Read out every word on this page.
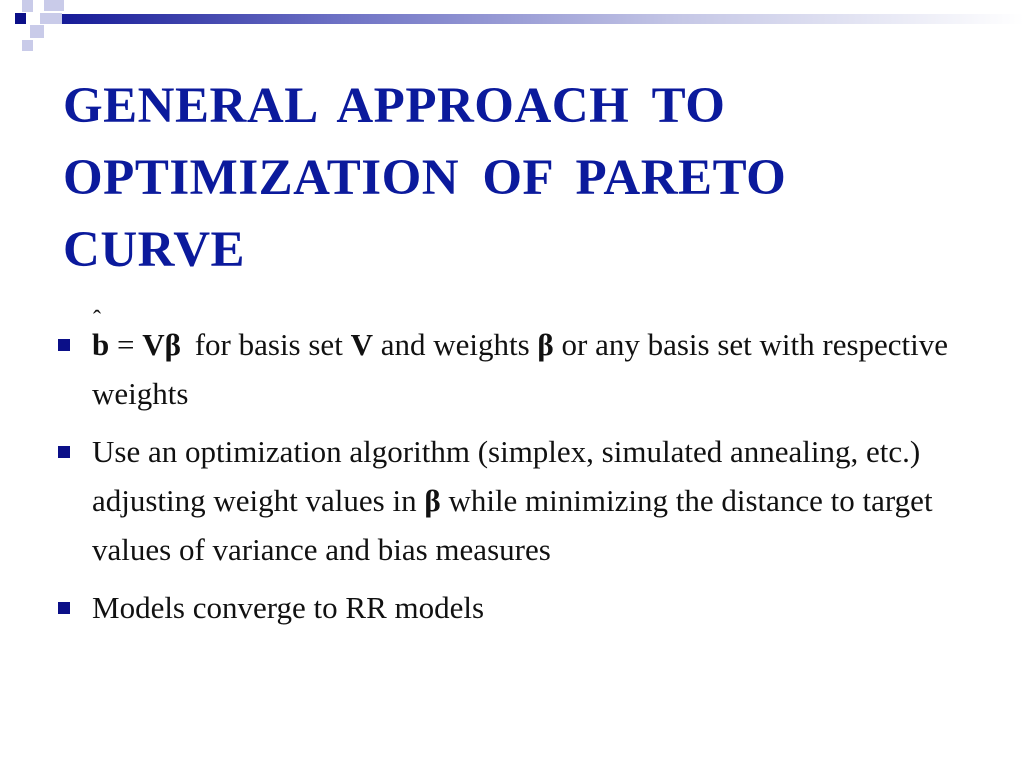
GENERAL APPROACH TO OPTIMIZATION OF PARETO CURVE
ˆ
b = Vβ for basis set V and weights β or any basis set with respective weights
Use an optimization algorithm (simplex, simulated annealing, etc.) adjusting weight values in β while minimizing the distance to target values of variance and bias measures
Models converge to RR models
